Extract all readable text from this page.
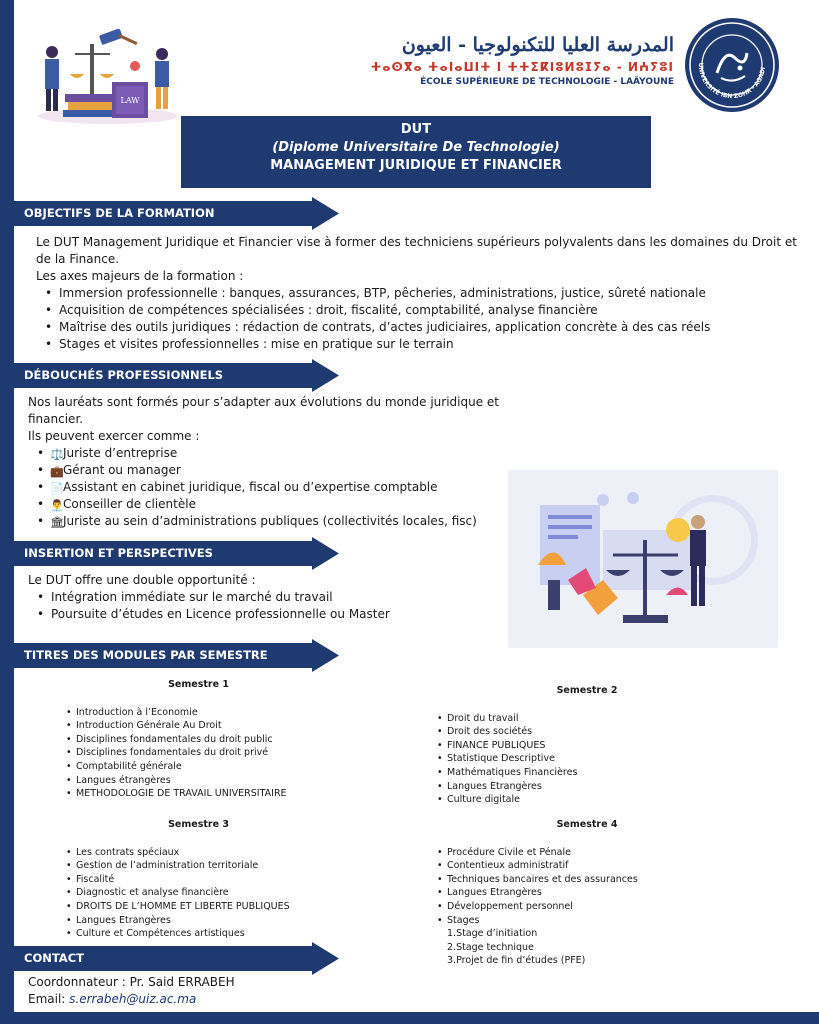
LAW
المدرسة العليا للتكنولوجيا - العيون
ⵜⴰⵙⴳⴰ ⵜⴰⵏⴰⵡⵏⵜ ⵏ ⵜⵜⵉⴽⵏⵓⵍⵓⵊⵢⴰ - ⵍⵄⵢⵓⵏ
ÉCOLE SUPÉRIEURE DE TECHNOLOGIE - LAÂYOUNE
UNIVERSITÉ IBN ZOHR - AGADI
DUT
(Diplome Universitaire De Technologie)
MANAGEMENT JURIDIQUE ET FINANCIER
OBJECTIFS DE LA FORMATION
Le DUT Management Juridique et Financier vise à former des techniciens supérieurs polyvalents dans les domaines du Droit et de la Finance.
Les axes majeurs de la formation :
• Immersion professionnelle : banques, assurances, BTP, pêcheries, administrations, justice, sûreté nationale
• Acquisition de compétences spécialisées : droit, fiscalité, comptabilité, analyse financière
• Maîtrise des outils juridiques : rédaction de contrats, d’actes judiciaires, application concrète à des cas réels
• Stages et visites professionnelles : mise en pratique sur le terrain
DÉBOUCHÉS PROFESSIONNELS
Nos lauréats sont formés pour s’adapter aux évolutions du monde juridique et financier.
Ils peuvent exercer comme :
• ⚖️ Juriste d’entreprise
• 💼 Gérant ou manager
• 📄 Assistant en cabinet juridique, fiscal ou d’expertise comptable
• 👨‍💼 Conseiller de clientèle
• 🏛 Juriste au sein d’administrations publiques (collectivités locales, fisc)
INSERTION ET PERSPECTIVES
Le DUT offre une double opportunité :
• Intégration immédiate sur le marché du travail
• Poursuite d’études en Licence professionnelle ou Master
TITRES DES MODULES PAR SEMESTRE
Semestre 1
• Introduction à l’Economie
• Introduction Générale Au Droit
• Disciplines fondamentales du droit public
• Disciplines fondamentales du droit privé
• Comptabilité générale
• Langues étrangères
• METHODOLOGIE DE TRAVAIL UNIVERSITAIRE
Semestre 2
• Droit du travail
• Droit des sociétés
• FINANCE PUBLIQUES
• Statistique Descriptive
• Mathématiques Financières
• Langues Etrangères
• Culture digitale
Semestre 3
• Les contrats spéciaux
• Gestion de l’administration territoriale
• Fiscalité
• Diagnostic et analyse financière
• DROITS DE L’HOMME ET LIBERTE PUBLIQUES
• Langues Etrangères
• Culture et Compétences artistiques
Semestre 4
• Procédure Civile et Pénale
• Contentieux administratif
• Techniques bancaires et des assurances
• Langues Etrangères
• Développement personnel
• Stages
1.Stage d’initiation
2.Stage technique
3.Projet de fin d’études (PFE)
CONTACT
Coordonnateur : Pr. Said ERRABEH
Email: s.errabeh@uiz.ac.ma
